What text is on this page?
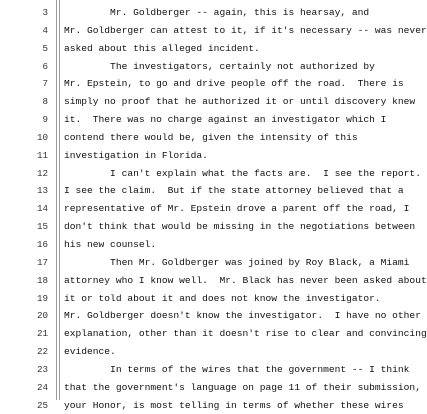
3 Mr. Goldberger -- again, this is hearsay, and
4 Mr. Goldberger can attest to it, if it's necessary -- was never
5 asked about this alleged incident.
6 The investigators, certainly not authorized by
7 Mr. Epstein, to go and drive people off the road.  There is
8 simply no proof that he authorized it or until discovery knew
9 it.  There was no charge against an investigator which I
10 contend there would be, given the intensity of this
11 investigation in Florida.
12 I can't explain what the facts are.  I see the report.
13 I see the claim.  But if the state attorney believed that a
14 representative of Mr. Epstein drove a parent off the road, I
15 don't think that would be missing in the negotiations between
16 his new counsel.
17 Then Mr. Goldberger was joined by Roy Black, a Miami
18 attorney who I know well.  Mr. Black has never been asked about
19 it or told about it and does not know the investigator.
20 Mr. Goldberger doesn't know the investigator.  I have no other
21 explanation, other than it doesn't rise to clear and convincing
22 evidence.
23 In terms of the wires that the government -- I think
24 that the government's language on page 11 of their submission,
25 your Honor, is most telling in terms of whether these wires
